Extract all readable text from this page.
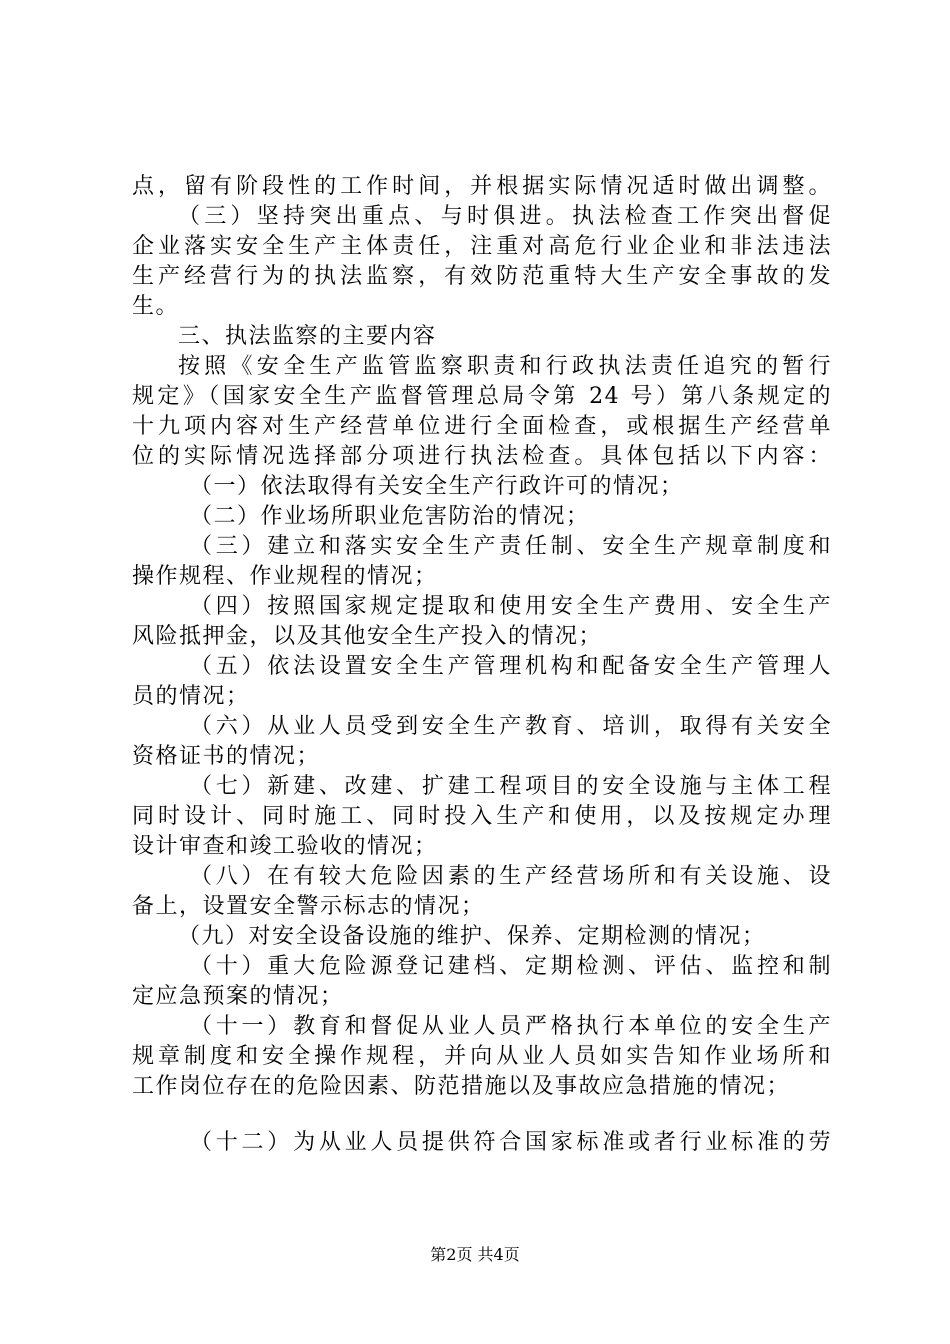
点，留有阶段性的工作时间，并根据实际情况适时做出调整。
（三）坚持突出重点、与时俱进。执法检查工作突出督促
企业落实安全生产主体责任，注重对高危行业企业和非法违法
生产经营行为的执法监察，有效防范重特大生产安全事故的发
生。
三、执法监察的主要内容
按照《安全生产监管监察职责和行政执法责任追究的暂行
规定》（国家安全生产监督管理总局令第 24 号）第八条规定的
十九项内容对生产经营单位进行全面检查，或根据生产经营单
位的实际情况选择部分项进行执法检查。具体包括以下内容：
（一）依法取得有关安全生产行政许可的情况；
（二）作业场所职业危害防治的情况；
（三）建立和落实安全生产责任制、安全生产规章制度和
操作规程、作业规程的情况；
（四）按照国家规定提取和使用安全生产费用、安全生产
风险抵押金，以及其他安全生产投入的情况；
（五）依法设置安全生产管理机构和配备安全生产管理人
员的情况；
（六）从业人员受到安全生产教育、培训，取得有关安全
资格证书的情况；
（七）新建、改建、扩建工程项目的安全设施与主体工程
同时设计、同时施工、同时投入生产和使用，以及按规定办理
设计审查和竣工验收的情况；
（八）在有较大危险因素的生产经营场所和有关设施、设
备上，设置安全警示标志的情况；
（九）对安全设备设施的维护、保养、定期检测的情况；
（十）重大危险源登记建档、定期检测、评估、监控和制
定应急预案的情况；
（十一）教育和督促从业人员严格执行本单位的安全生产
规章制度和安全操作规程，并向从业人员如实告知作业场所和
工作岗位存在的危险因素、防范措施以及事故应急措施的情况；
（十二）为从业人员提供符合国家标准或者行业标准的劳
第2页 共4页
